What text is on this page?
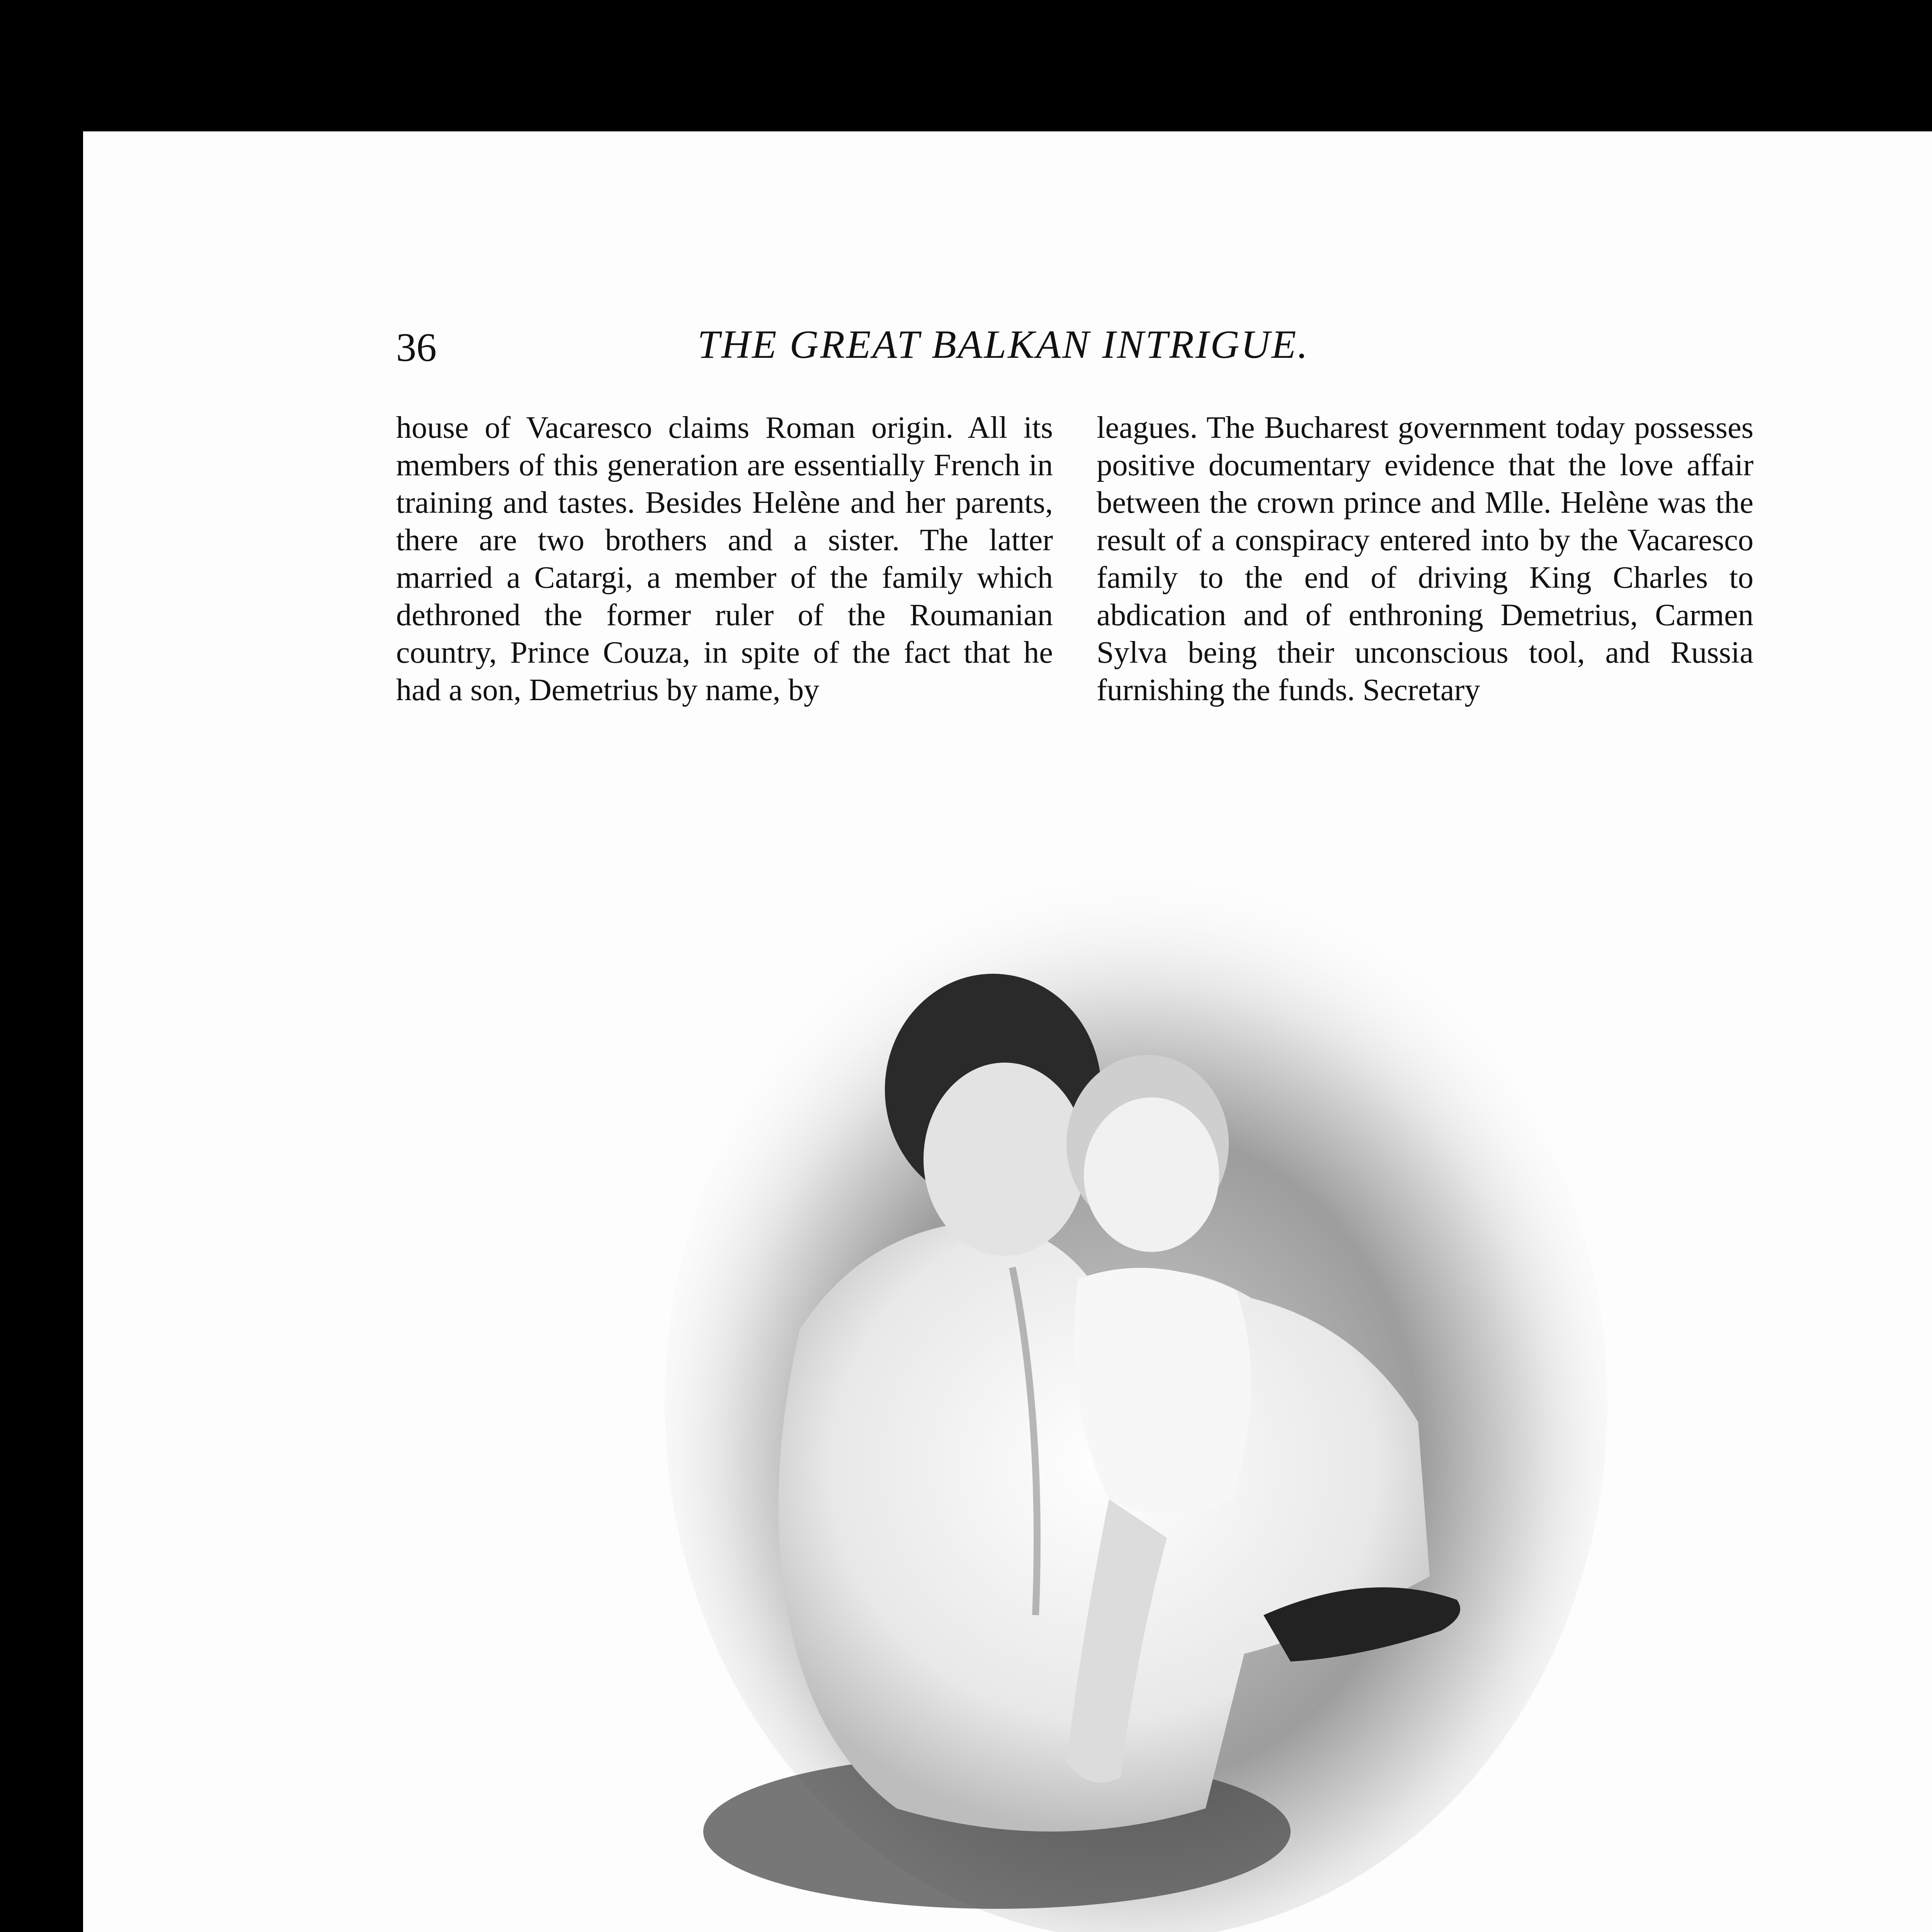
36	THE GREAT BALKAN INTRIGUE.

house of Vacaresco claims Roman origin. All its members of this generation are essentially French in training and tastes. Besides Helène and her parents, there are two brothers and a sister. The latter married a Catargi, a member of the family which dethroned the former ruler of the Roumanian country, Prince Couza, in spite of the fact that he had a son, Demetrius by name, by

leagues. The Bucharest government today possesses positive documentary evidence that the love affair between the crown prince and Mlle. Helène was the result of a conspiracy entered into by the Vacaresco family to the end of driving King Charles to abdication and of enthroning Demetrius, Carmen Sylva being their unconscious tool, and Russia furnishing the funds. Secretary
